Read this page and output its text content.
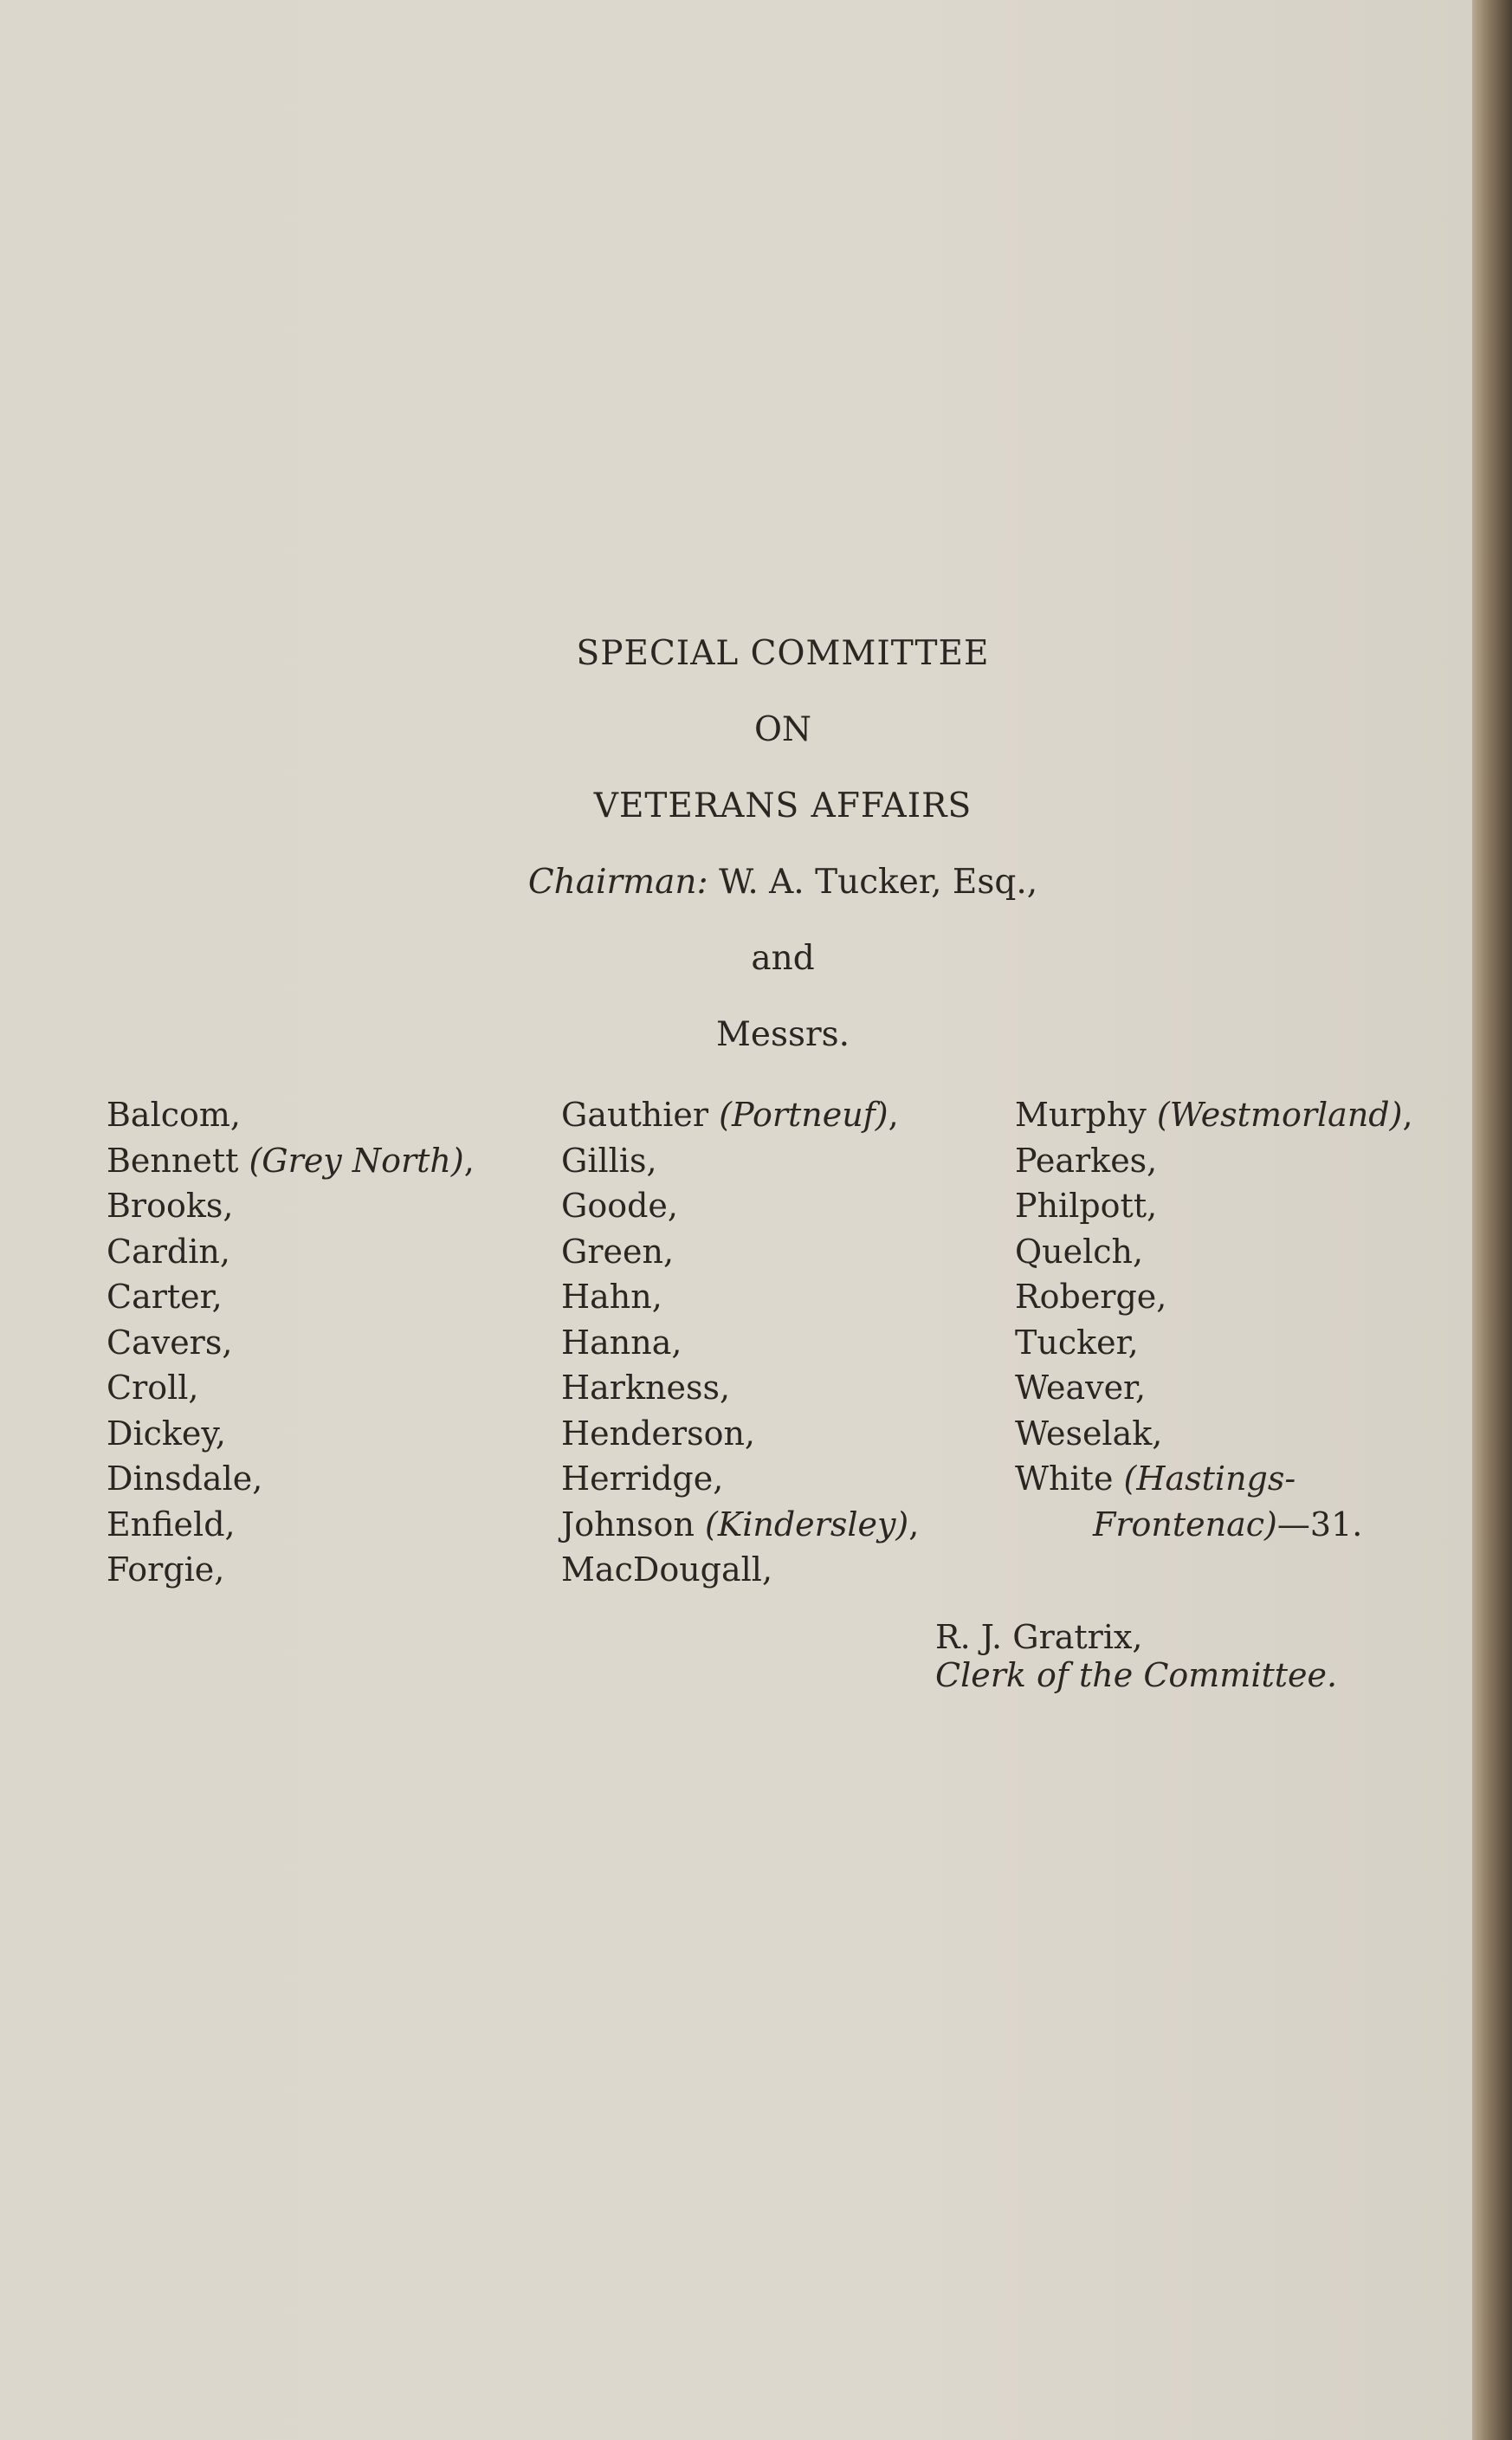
SPECIAL COMMITTEE
ON
VETERANS AFFAIRS
Chairman: W. A. Tucker, Esq.,
and
Messrs.
Balcom,
Bennett (Grey North),
Brooks,
Cardin,
Carter,
Cavers,
Croll,
Dickey,
Dinsdale,
Enfield,
Forgie,
Gauthier (Portneuf),
Gillis,
Goode,
Green,
Hahn,
Hanna,
Harkness,
Henderson,
Herridge,
Johnson (Kindersley),
MacDougall,
Murphy (Westmorland),
Pearkes,
Philpott,
Quelch,
Roberge,
Tucker,
Weaver,
Weselak,
White (Hastings-
Frontenac)—31.
R. J. Gratrix,
Clerk of the Committee.
